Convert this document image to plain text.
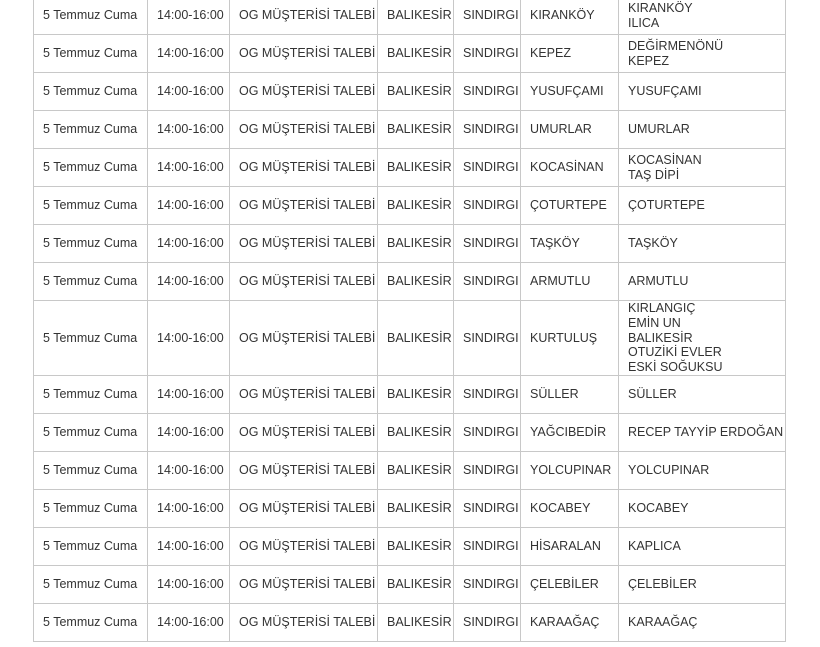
5 Temmuz Cuma	14:00-16:00	OG MÜŞTERİSİ TALEBİ	BALIKESİR	SINDIRGI	KIRANKÖY	KIRANKÖY
ILICA

5 Temmuz Cuma	14:00-16:00	OG MÜŞTERİSİ TALEBİ	BALIKESİR	SINDIRGI	KEPEZ	DEĞİRMENÖNÜ
KEPEZ

5 Temmuz Cuma	14:00-16:00	OG MÜŞTERİSİ TALEBİ	BALIKESİR	SINDIRGI	YUSUFÇAMI	YUSUFÇAMI

5 Temmuz Cuma	14:00-16:00	OG MÜŞTERİSİ TALEBİ	BALIKESİR	SINDIRGI	UMURLAR	UMURLAR

5 Temmuz Cuma	14:00-16:00	OG MÜŞTERİSİ TALEBİ	BALIKESİR	SINDIRGI	KOCASİNAN	KOCASİNAN
TAŞ DİPİ

5 Temmuz Cuma	14:00-16:00	OG MÜŞTERİSİ TALEBİ	BALIKESİR	SINDIRGI	ÇOTURTEPE	ÇOTURTEPE

5 Temmuz Cuma	14:00-16:00	OG MÜŞTERİSİ TALEBİ	BALIKESİR	SINDIRGI	TAŞKÖY	TAŞKÖY

5 Temmuz Cuma	14:00-16:00	OG MÜŞTERİSİ TALEBİ	BALIKESİR	SINDIRGI	ARMUTLU	ARMUTLU

5 Temmuz Cuma	14:00-16:00	OG MÜŞTERİSİ TALEBİ	BALIKESİR	SINDIRGI	KURTULUŞ	KIRLANGIÇ
EMİN UN
BALIKESİR
OTUZİKİ EVLER
ESKİ SOĞUKSU

5 Temmuz Cuma	14:00-16:00	OG MÜŞTERİSİ TALEBİ	BALIKESİR	SINDIRGI	SÜLLER	SÜLLER

5 Temmuz Cuma	14:00-16:00	OG MÜŞTERİSİ TALEBİ	BALIKESİR	SINDIRGI	YAĞCIBEDİR	RECEP TAYYİP ERDOĞAN

5 Temmuz Cuma	14:00-16:00	OG MÜŞTERİSİ TALEBİ	BALIKESİR	SINDIRGI	YOLCUPINAR	YOLCUPINAR

5 Temmuz Cuma	14:00-16:00	OG MÜŞTERİSİ TALEBİ	BALIKESİR	SINDIRGI	KOCABEY	KOCABEY

5 Temmuz Cuma	14:00-16:00	OG MÜŞTERİSİ TALEBİ	BALIKESİR	SINDIRGI	HİSARALAN	KAPLICA

5 Temmuz Cuma	14:00-16:00	OG MÜŞTERİSİ TALEBİ	BALIKESİR	SINDIRGI	ÇELEBİLER	ÇELEBİLER

5 Temmuz Cuma	14:00-16:00	OG MÜŞTERİSİ TALEBİ	BALIKESİR	SINDIRGI	KARAAĞAÇ	KARAAĞAÇ
